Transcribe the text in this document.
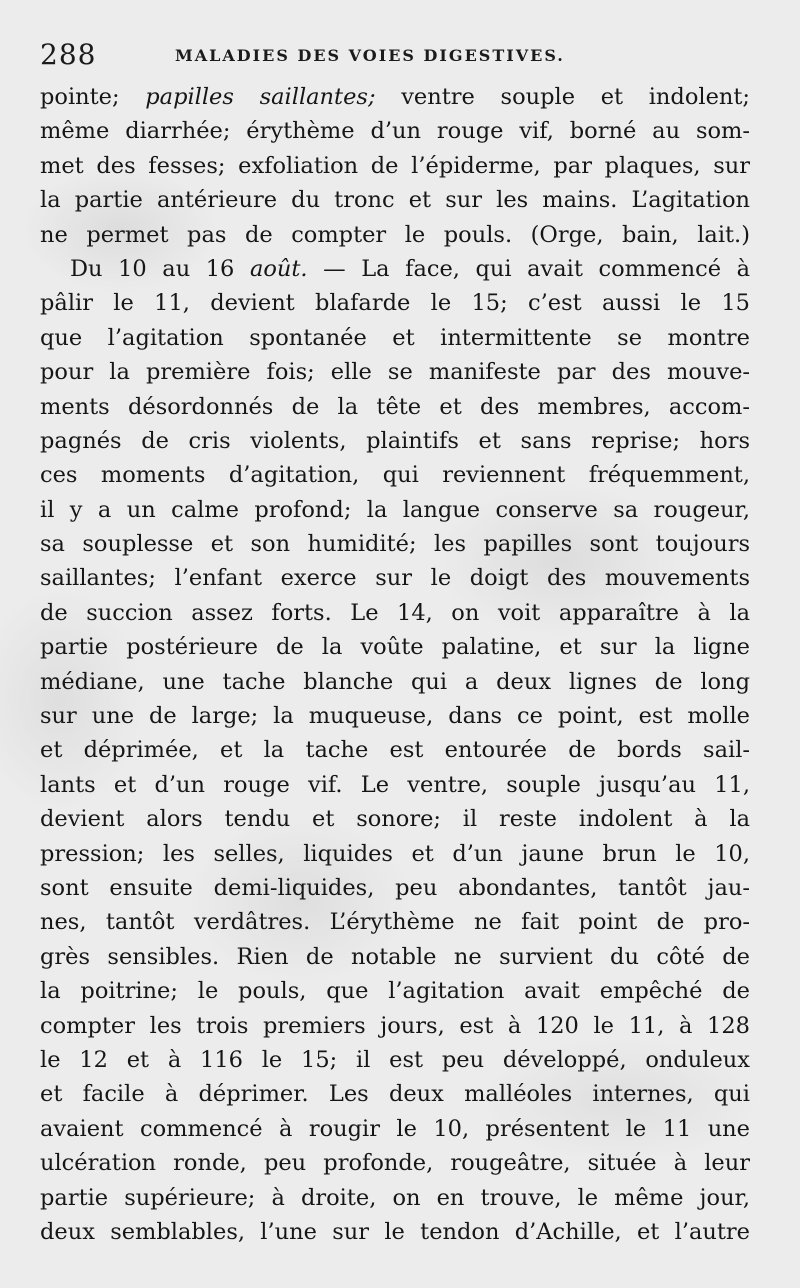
288	MALADIES DES VOIES DIGESTIVES.
pointe; papilles saillantes; ventre souple et indolent;
même diarrhée; érythème d’un rouge vif, borné au som-
met des fesses; exfoliation de l’épiderme, par plaques, sur
la partie antérieure du tronc et sur les mains. L’agitation
ne permet pas de compter le pouls. (Orge, bain, lait.)
Du 10 au 16 août. — La face, qui avait commencé à
pâlir le 11, devient blafarde le 15; c’est aussi le 15
que l’agitation spontanée et intermittente se montre
pour la première fois; elle se manifeste par des mouve-
ments désordonnés de la tête et des membres, accom-
pagnés de cris violents, plaintifs et sans reprise; hors
ces moments d’agitation, qui reviennent fréquemment,
il y a un calme profond; la langue conserve sa rougeur,
sa souplesse et son humidité; les papilles sont toujours
saillantes; l’enfant exerce sur le doigt des mouvements
de succion assez forts. Le 14, on voit apparaître à la
partie postérieure de la voûte palatine, et sur la ligne
médiane, une tache blanche qui a deux lignes de long
sur une de large; la muqueuse, dans ce point, est molle
et déprimée, et la tache est entourée de bords sail-
lants et d’un rouge vif. Le ventre, souple jusqu’au 11,
devient alors tendu et sonore; il reste indolent à la
pression; les selles, liquides et d’un jaune brun le 10,
sont ensuite demi-liquides, peu abondantes, tantôt jau-
nes, tantôt verdâtres. L’érythème ne fait point de pro-
grès sensibles. Rien de notable ne survient du côté de
la poitrine; le pouls, que l’agitation avait empêché de
compter les trois premiers jours, est à 120 le 11, à 128
le 12 et à 116 le 15; il est peu développé, onduleux
et facile à déprimer. Les deux malléoles internes, qui
avaient commencé à rougir le 10, présentent le 11 une
ulcération ronde, peu profonde, rougeâtre, située à leur
partie supérieure; à droite, on en trouve, le même jour,
deux semblables, l’une sur le tendon d’Achille, et l’autre
